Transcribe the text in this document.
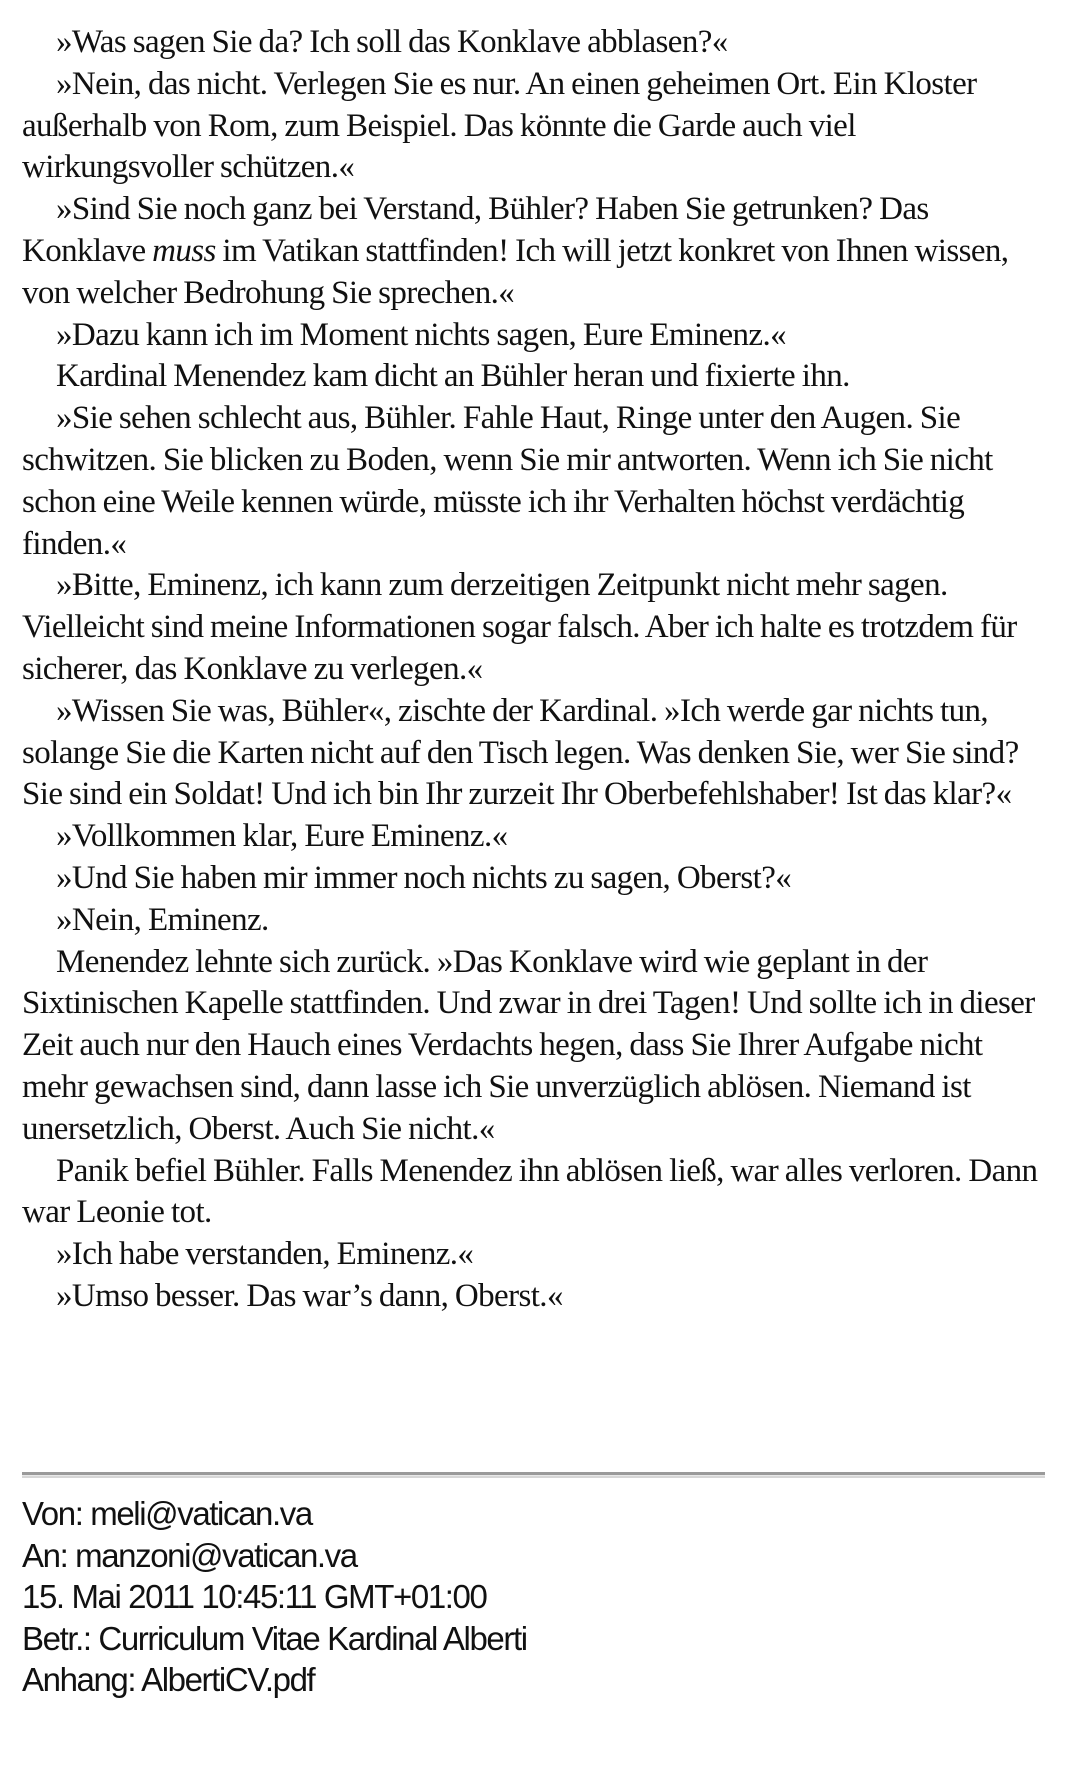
»Was sagen Sie da? Ich soll das Konklave abblasen?«

»Nein, das nicht. Verlegen Sie es nur. An einen geheimen Ort. Ein Kloster außerhalb von Rom, zum Beispiel. Das könnte die Garde auch viel wirkungsvoller schützen.«

»Sind Sie noch ganz bei Verstand, Bühler? Haben Sie getrunken? Das Konklave muss im Vatikan stattfinden! Ich will jetzt konkret von Ihnen wissen, von welcher Bedrohung Sie sprechen.«

»Dazu kann ich im Moment nichts sagen, Eure Eminenz.«

Kardinal Menendez kam dicht an Bühler heran und fixierte ihn.

»Sie sehen schlecht aus, Bühler. Fahle Haut, Ringe unter den Augen. Sie schwitzen. Sie blicken zu Boden, wenn Sie mir antworten. Wenn ich Sie nicht schon eine Weile kennen würde, müsste ich ihr Verhalten höchst verdächtig finden.«

»Bitte, Eminenz, ich kann zum derzeitigen Zeitpunkt nicht mehr sagen. Vielleicht sind meine Informationen sogar falsch. Aber ich halte es trotzdem für sicherer, das Konklave zu verlegen.«

»Wissen Sie was, Bühler«, zischte der Kardinal. »Ich werde gar nichts tun, solange Sie die Karten nicht auf den Tisch legen. Was denken Sie, wer Sie sind? Sie sind ein Soldat! Und ich bin Ihr zurzeit Ihr Oberbefehlshaber! Ist das klar?«

»Vollkommen klar, Eure Eminenz.«

»Und Sie haben mir immer noch nichts zu sagen, Oberst?«

»Nein, Eminenz.

Menendez lehnte sich zurück. »Das Konklave wird wie geplant in der Sixtinischen Kapelle stattfinden. Und zwar in drei Tagen! Und sollte ich in dieser Zeit auch nur den Hauch eines Verdachts hegen, dass Sie Ihrer Aufgabe nicht mehr gewachsen sind, dann lasse ich Sie unverzüglich ablösen. Niemand ist unersetzlich, Oberst. Auch Sie nicht.«

Panik befiel Bühler. Falls Menendez ihn ablösen ließ, war alles verloren. Dann war Leonie tot.

»Ich habe verstanden, Eminenz.«

»Umso besser. Das war’s dann, Oberst.«

Von: meli@vatican.va
An: manzoni@vatican.va
15. Mai 2011 10:45:11 GMT+01:00
Betr.: Curriculum Vitae Kardinal Alberti
Anhang: AlbertiCV.pdf
